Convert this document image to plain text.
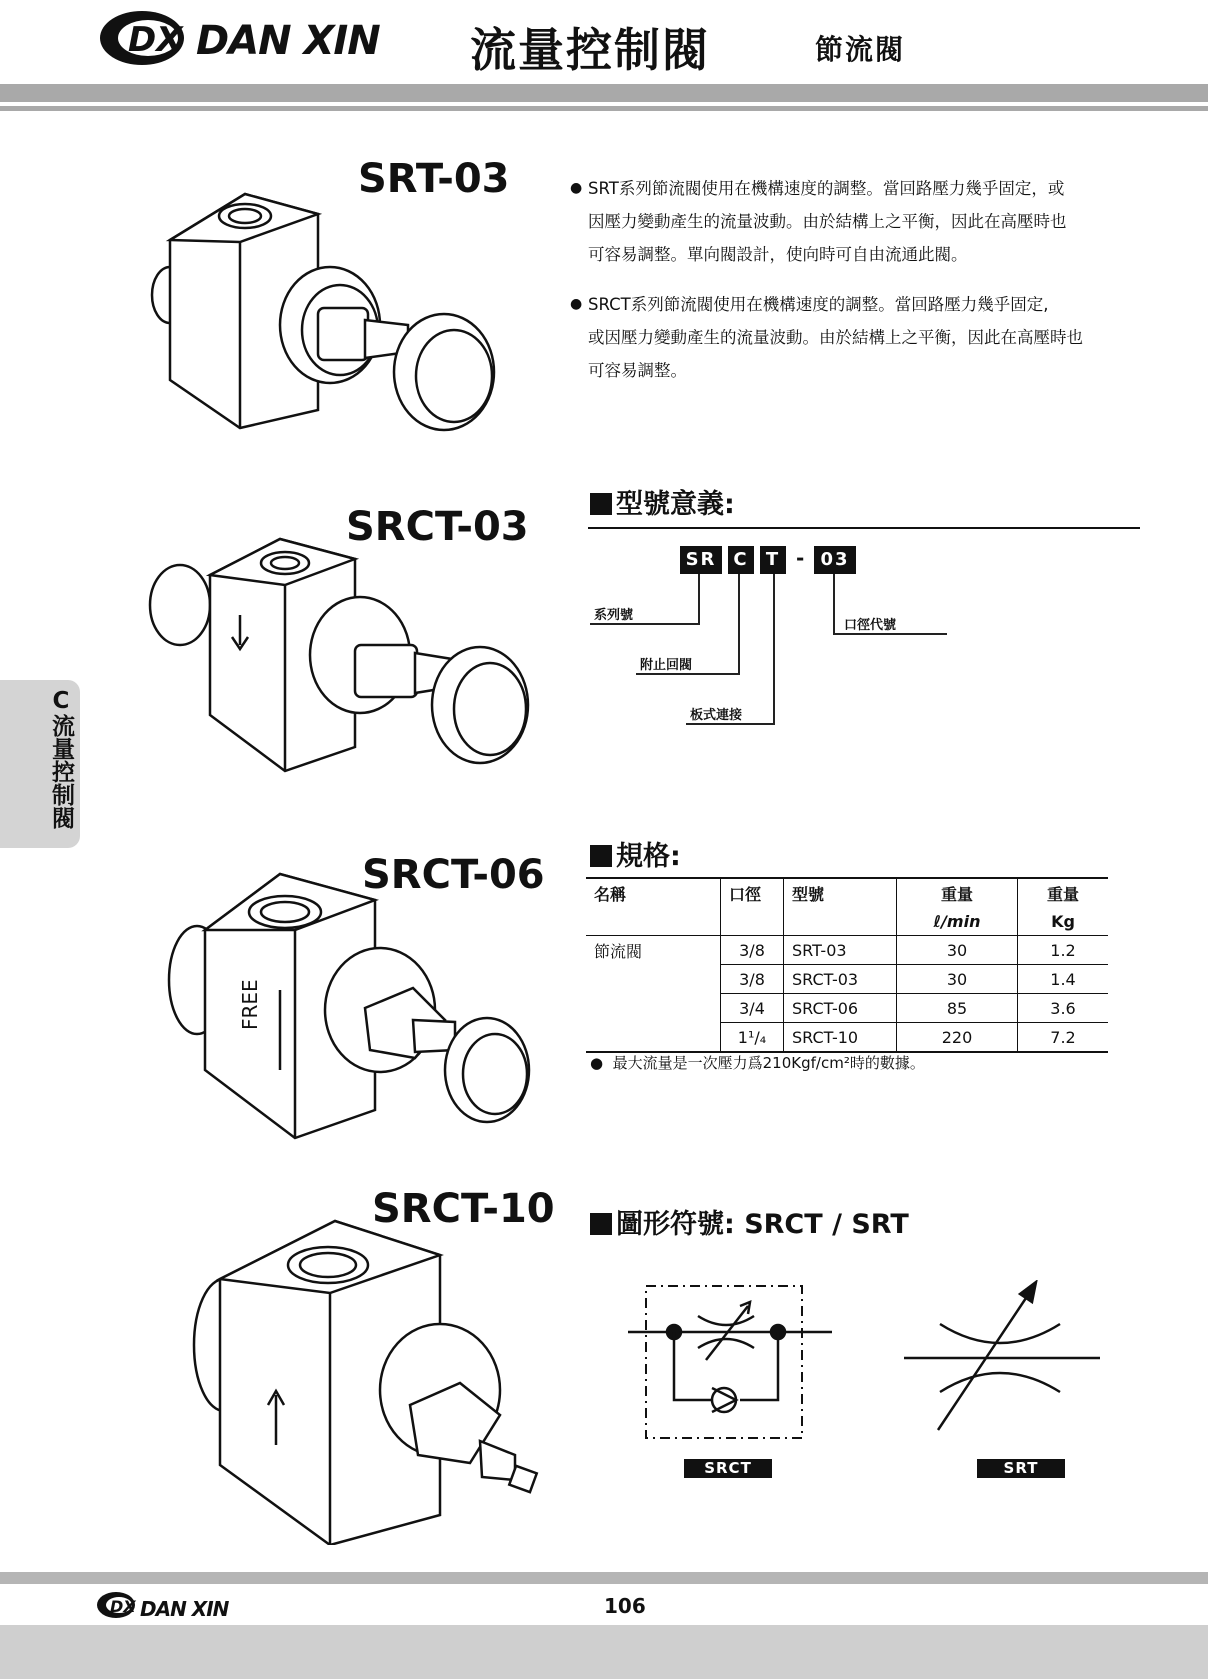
DX DAN XIN 流量控制閥	節流閥
C流量控制閥
SRT-03
SRCT-03
SRCT-06
SRCT-10
FREE
● SRT系列節流閥使用在機構速度的調整。當回路壓力幾乎固定，或
因壓力變動產生的流量波動。由於結構上之平衡，因此在高壓時也
可容易調整。單向閥設計，使向時可自由流通此閥。
● SRCT系列節流閥使用在機構速度的調整。當回路壓力幾乎固定,
或因壓力變動產生的流量波動。由於結構上之平衡，因此在高壓時也
可容易調整。
型號意義:
SR C T - 03
系列號
附止回閥
板式連接
口徑代號
規格:
名稱	口徑	型號	重量	重量
			ℓ/min	Kg
節流閥	3/8	SRT-03	30	1.2
	3/8	SRCT-03	30	1.4
	3/4	SRCT-06	85	3.6
	1¹/₄	SRCT-10	220	7.2
● 最大流量是一次壓力爲210Kgf/cm²時的數據。
圖形符號: SRCT / SRT
SRCT	SRT
DX DAN XIN	106
